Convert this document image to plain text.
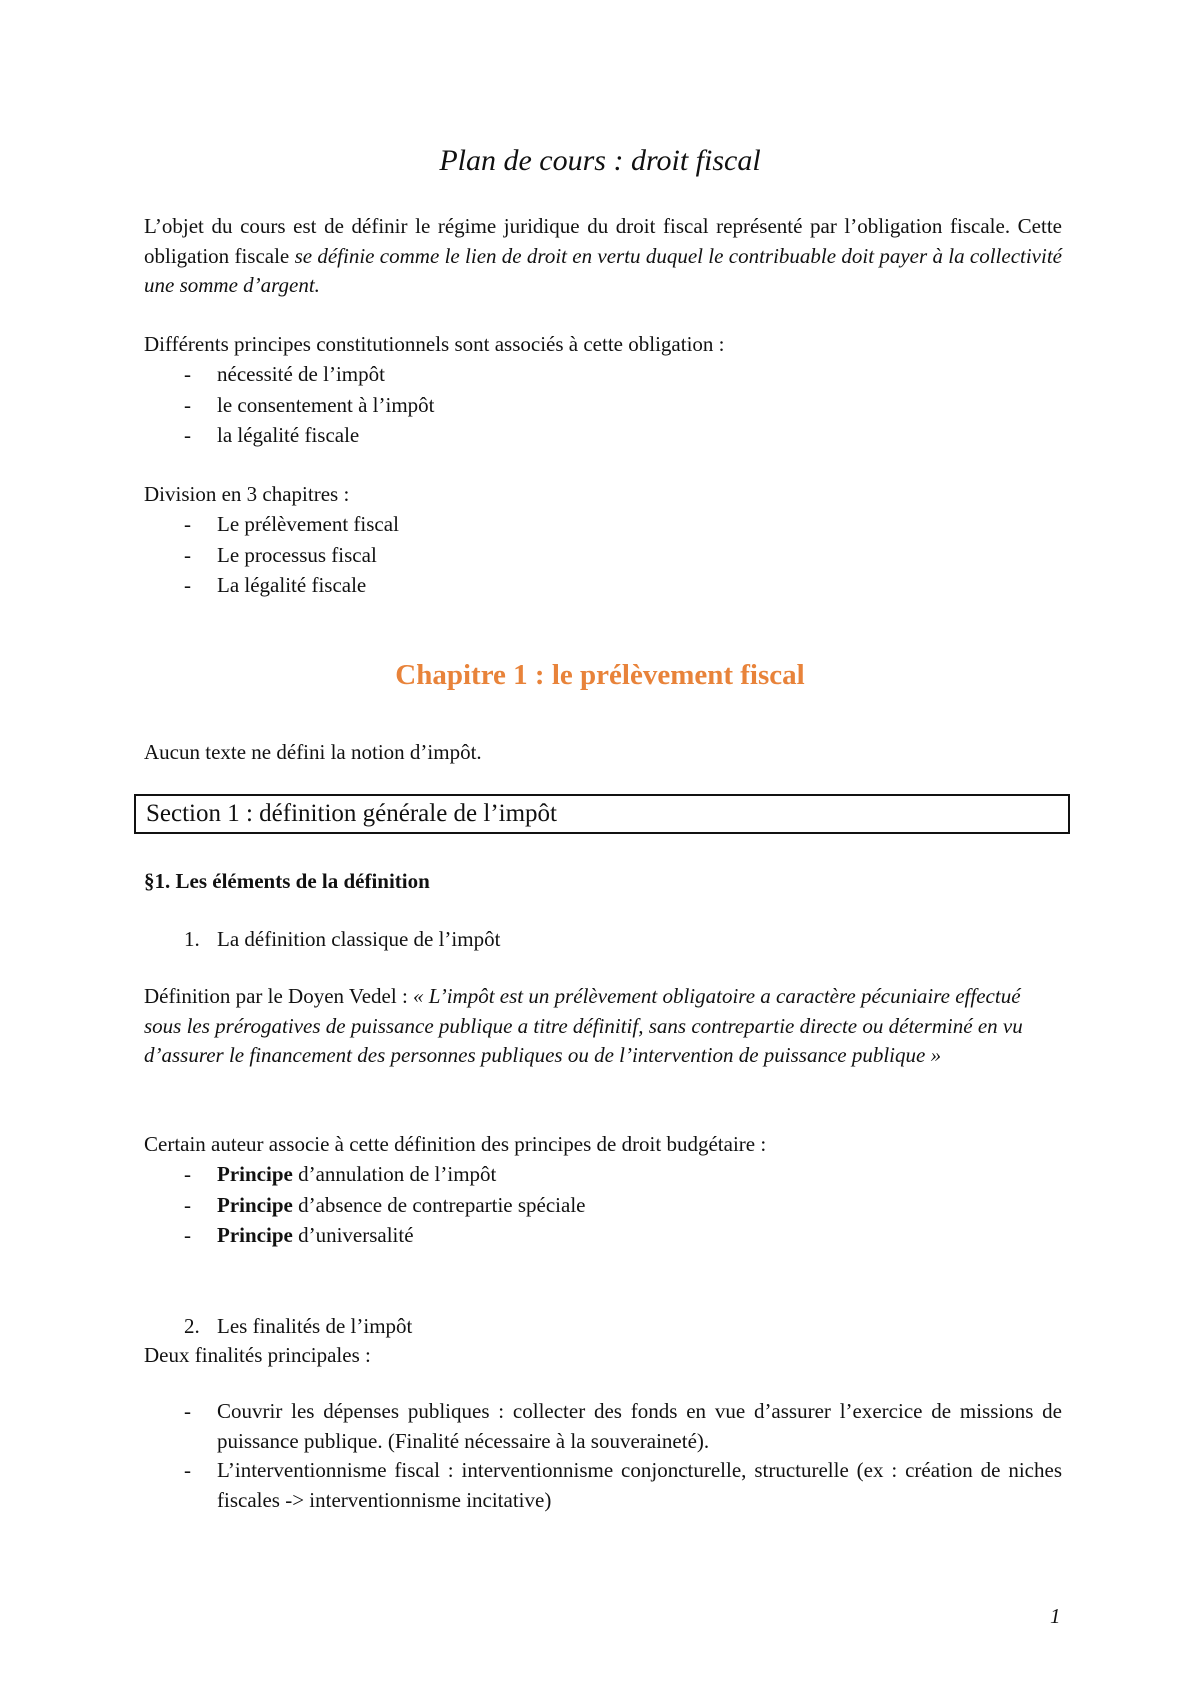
Plan de cours : droit fiscal
L’objet du cours est de définir le régime juridique du droit fiscal représenté par l’obligation fiscale. Cette obligation fiscale se définie comme le lien de droit en vertu duquel le contribuable doit payer à la collectivité une somme d’argent.
Différents principes constitutionnels sont associés à cette obligation :
- nécessité de l’impôt
- le consentement à l’impôt
- la légalité fiscale
Division en 3 chapitres :
- Le prélèvement fiscal
- Le processus fiscal
- La légalité fiscale
Chapitre 1 : le prélèvement fiscal
Aucun texte ne défini la notion d’impôt.
Section 1 : définition générale de l’impôt
§1. Les éléments de la définition
1. La définition classique de l’impôt
Définition par le Doyen Vedel : « L’impôt est un prélèvement obligatoire a caractère pécuniaire effectué sous les prérogatives de puissance publique a titre définitif, sans contrepartie directe ou déterminé en vu d’assurer le financement des personnes publiques ou de l’intervention de puissance publique »
Certain auteur associe à cette définition des principes de droit budgétaire :
- Principe d’annulation de l’impôt
- Principe d’absence de contrepartie spéciale
- Principe d’universalité
2. Les finalités de l’impôt
Deux finalités principales :
- Couvrir les dépenses publiques : collecter des fonds en vue d’assurer l’exercice de missions de puissance publique. (Finalité nécessaire à la souveraineté).
- L’interventionnisme fiscal : interventionnisme conjoncturelle, structurelle (ex : création de niches fiscales -> interventionnisme incitative)
1
